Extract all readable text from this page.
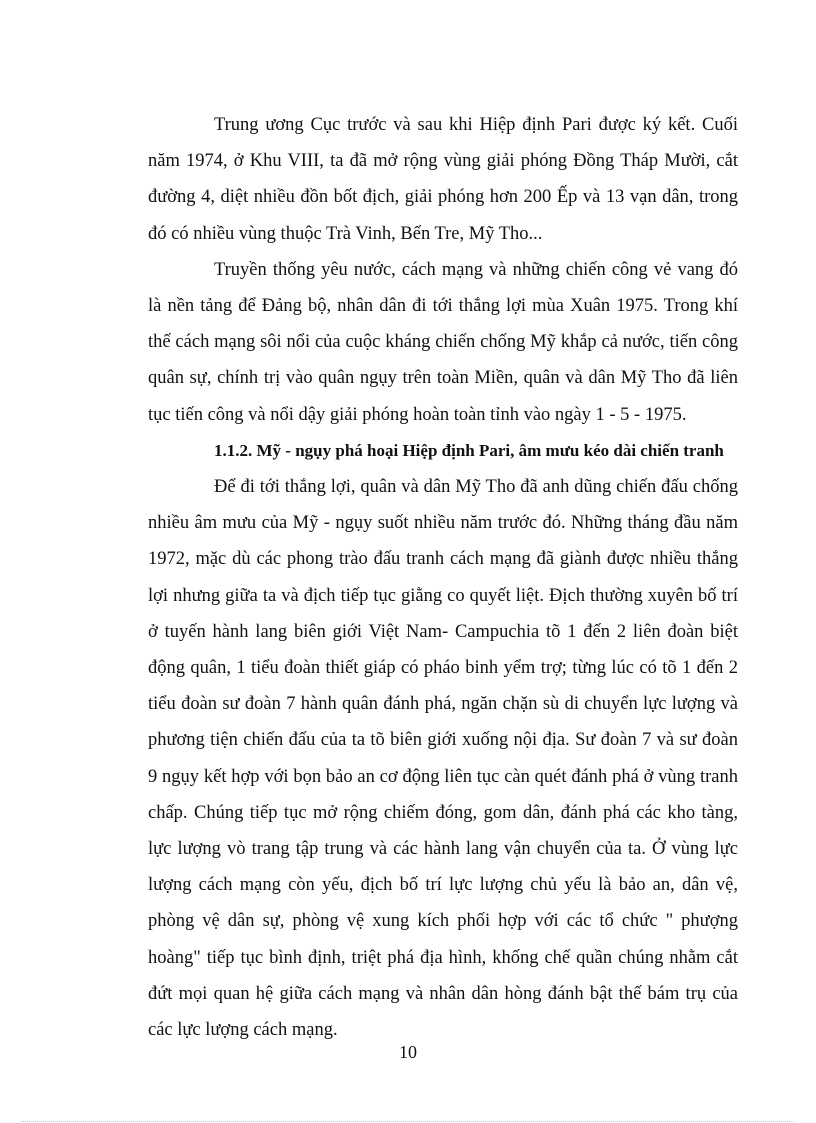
Trung ương Cục trước và sau khi Hiệp định Pari được ký kết. Cuối năm 1974, ở Khu VIII, ta đã mở rộng vùng giải phóng Đồng Tháp Mười, cắt đường 4, diệt nhiều đồn bốt địch, giải phóng hơn 200 Ếp và 13 vạn dân, trong đó có nhiều vùng thuộc Trà Vinh, Bến Tre, Mỹ Tho...

Truyền thống yêu nước, cách mạng và những chiến công vẻ vang đó là nền tảng để Đảng bộ, nhân dân đi tới thắng lợi mùa Xuân 1975. Trong khí thế cách mạng sôi nổi của cuộc kháng chiến chống Mỹ khắp cả nước, tiến công quân sự, chính trị vào quân ngụy trên toàn Miền, quân và dân Mỹ Tho đã liên tục tiến công và nổi dậy giải phóng hoàn toàn tỉnh vào ngày 1 - 5 - 1975.

1.1.2. Mỹ - ngụy phá hoại Hiệp định Pari, âm mưu kéo dài chiến tranh

Để đi tới thắng lợi, quân và dân Mỹ Tho đã anh dũng chiến đấu chống nhiều âm mưu của Mỹ - ngụy suốt nhiều năm trước đó. Những tháng đầu năm 1972, mặc dù các phong trào đấu tranh cách mạng đã giành được nhiều thắng lợi nhưng giữa ta và địch tiếp tục giằng co quyết liệt. Địch thường xuyên bố trí ở tuyến hành lang biên giới Việt Nam- Campuchia tõ 1 đến 2 liên đoàn biệt động quân, 1 tiểu đoàn thiết giáp có pháo binh yểm trợ; từng lúc có tõ 1 đến 2 tiểu đoàn sư đoàn 7 hành quân đánh phá, ngăn chặn sù di chuyển lực lượng và phương tiện chiến đấu của ta tõ biên giới xuống nội địa. Sư đoàn 7 và sư đoàn 9 ngụy kết hợp với bọn bảo an cơ động liên tục càn quét đánh phá ở vùng tranh chấp. Chúng tiếp tục mở rộng chiếm đóng, gom dân, đánh phá các kho tàng, lực lượng vò trang tập trung và các hành lang vận chuyển của ta. Ở vùng lực lượng cách mạng còn yếu, địch bố trí lực lượng chủ yếu là bảo an, dân vệ, phòng vệ dân sự, phòng vệ xung kích phối hợp với các tổ chức " phượng hoàng" tiếp tục bình định, triệt phá địa hình, khống chế quần chúng nhằm cắt đứt mọi quan hệ giữa cách mạng và nhân dân hòng đánh bật thế bám trụ của các lực lượng cách mạng.

10
